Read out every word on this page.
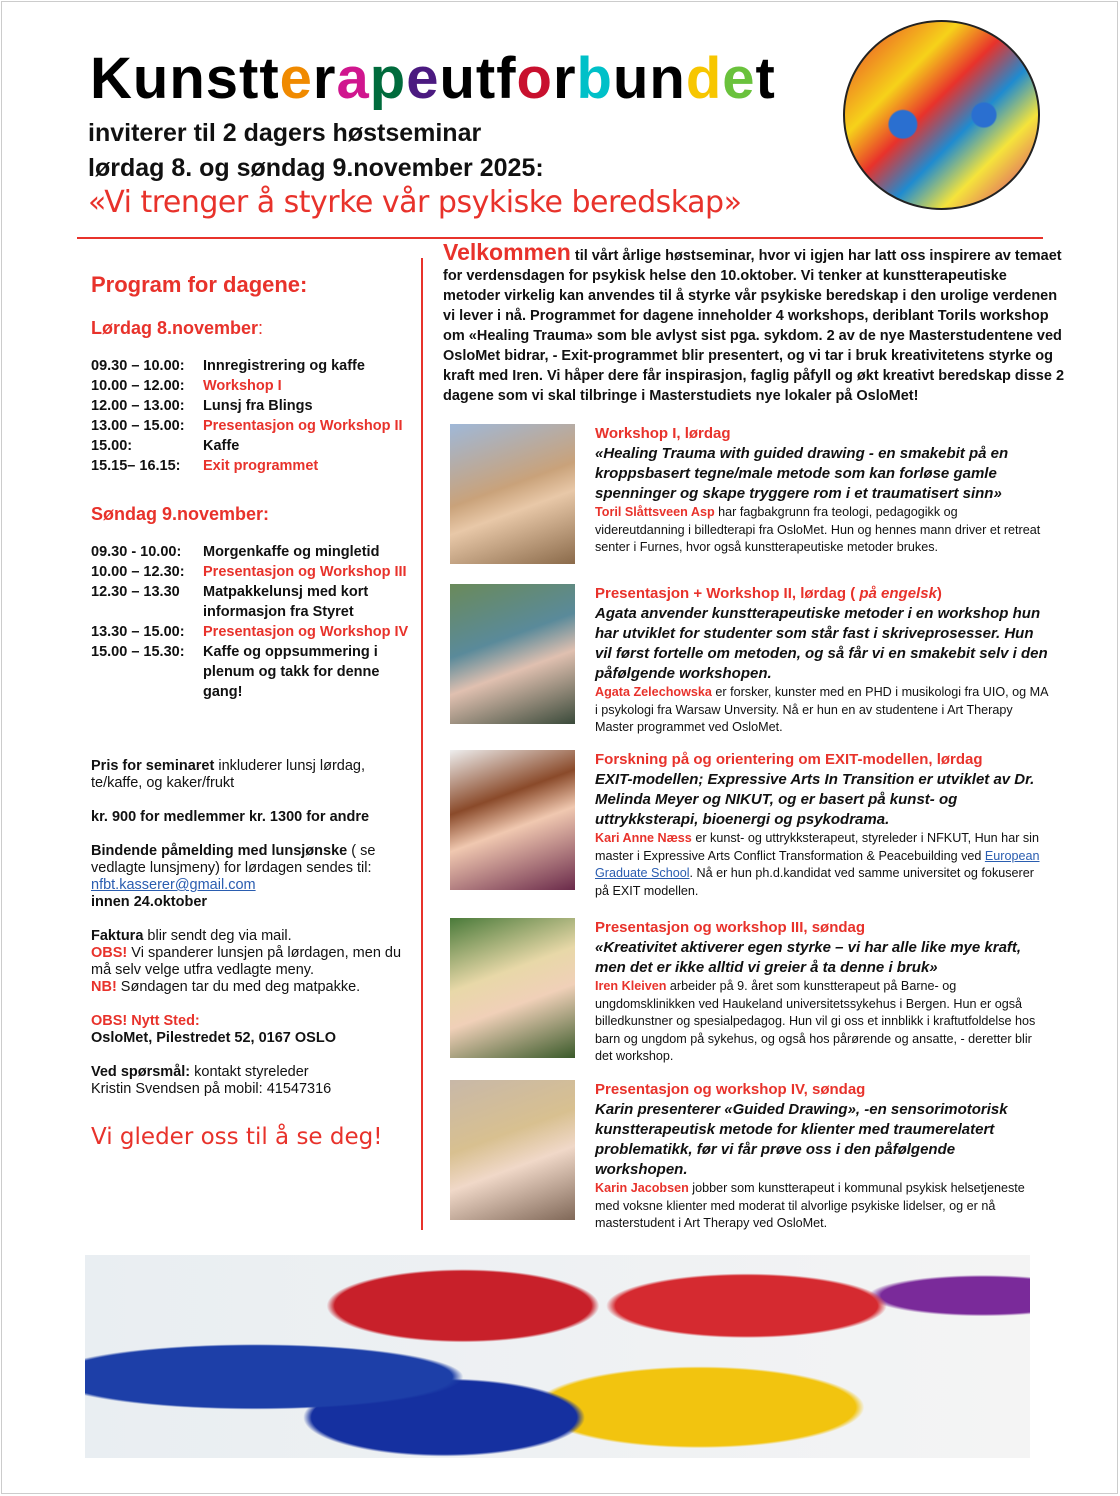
Kunstterapeutforbundet
inviterer til 2 dagers høstseminar
lørdag 8. og søndag 9.november 2025:
«Vi trenger å styrke vår psykiske beredskap»
Program for dagene:
Lørdag 8.november:
09.30 – 10.00:	Innregistrering og kaffe
10.00 – 12.00:	Workshop I
12.00 – 13.00:	Lunsj fra Blings
13.00 – 15.00:	Presentasjon og Workshop II
15.00:	Kaffe
15.15– 16.15:	Exit programmet
Søndag 9.november:
09.30 - 10.00:	Morgenkaffe og mingletid
10.00 – 12.30:	Presentasjon og Workshop III
12.30 – 13.30	Matpakkelunsj med kort informasjon fra Styret
13.30 – 15.00:	Presentasjon og Workshop IV
15.00 – 15.30:	Kaffe og oppsummering i plenum og takk for denne gang!

Pris for seminaret inkluderer lunsj lørdag, te/kaffe, og kaker/frukt

kr. 900 for medlemmer kr. 1300 for andre

Bindende påmelding med lunsjønske ( se vedlagte lunsjmeny) for lørdagen sendes til:
nfbt.kasserer@gmail.com
innen 24.oktober

Faktura blir sendt deg via mail.
OBS! Vi spanderer lunsjen på lørdagen, men du må selv velge utfra vedlagte meny.
NB! Søndagen tar du med deg matpakke.

OBS! Nytt Sted:
OsloMet, Pilestredet 52, 0167 OSLO

Ved spørsmål: kontakt styreleder
Kristin Svendsen på mobil: 41547316

Vi gleder oss til å se deg!
Velkommen til vårt årlige høstseminar, hvor vi igjen har latt oss inspirere av temaet for verdensdagen for psykisk helse den 10.oktober. Vi tenker at kunstterapeutiske metoder virkelig kan anvendes til å styrke vår psykiske beredskap i den urolige verdenen vi lever i nå. Programmet for dagene inneholder 4 workshops, deriblant Torils workshop om «Healing Trauma» som ble avlyst sist pga. sykdom. 2 av de nye Masterstudentene ved OsloMet bidrar, - Exit-programmet blir presentert, og vi tar i bruk kreativitetens styrke og kraft med Iren. Vi håper dere får inspirasjon, faglig påfyll og økt kreativt beredskap disse 2 dagene som vi skal tilbringe i Masterstudiets nye lokaler på OsloMet!
Workshop I, lørdag
«Healing Trauma with guided drawing - en smakebit på en kroppsbasert tegne/male metode som kan forløse gamle spenninger og skape tryggere rom i et traumatisert sinn»
Toril Slåttsveen Asp har fagbakgrunn fra teologi, pedagogikk og videreutdanning i billedterapi fra OsloMet. Hun og hennes mann driver et retreat senter i Furnes, hvor også kunstterapeutiske metoder brukes.
Presentasjon + Workshop II, lørdag ( på engelsk)
Agata anvender kunstterapeutiske metoder i en workshop hun har utviklet for studenter som står fast i skriveprosesser. Hun vil først fortelle om metoden, og så får vi en smakebit selv i den påfølgende workshopen.
Agata Zelechowska er forsker, kunster med en PHD i musikologi fra UIO, og MA i psykologi fra Warsaw Unversity. Nå er hun en av studentene i Art Therapy Master programmet ved OsloMet.
Forskning på og orientering om EXIT-modellen, lørdag
EXIT-modellen; Expressive Arts In Transition er utviklet av Dr. Melinda Meyer og NIKUT, og er basert på kunst- og uttrykksterapi, bioenergi og psykodrama.
Kari Anne Næss er kunst- og uttrykksterapeut, styreleder i NFKUT, Hun har sin master i Expressive Arts Conflict Transformation & Peacebuilding ved European Graduate School. Nå er hun ph.d.kandidat ved samme universitet og fokuserer på EXIT modellen.
Presentasjon og workshop III, søndag
«Kreativitet aktiverer egen styrke – vi har alle like mye kraft, men det er ikke alltid vi greier å ta denne i bruk»
Iren Kleiven arbeider på 9. året som kunstterapeut på Barne- og ungdomsklinikken ved Haukeland universitetssykehus i Bergen. Hun er også billedkunstner og spesialpedagog. Hun vil gi oss et innblikk i kraftutfoldelse hos barn og ungdom på sykehus, og også hos pårørende og ansatte, - deretter blir det workshop.
Presentasjon og workshop IV, søndag
Karin presenterer «Guided Drawing», -en sensorimotorisk kunstterapeutisk metode for klienter med traumerelatert problematikk, før vi får prøve oss i den påfølgende workshopen.
Karin Jacobsen jobber som kunstterapeut i kommunal psykisk helsetjeneste med voksne klienter med moderat til alvorlige psykiske lidelser, og er nå masterstudent i Art Therapy ved OsloMet.
